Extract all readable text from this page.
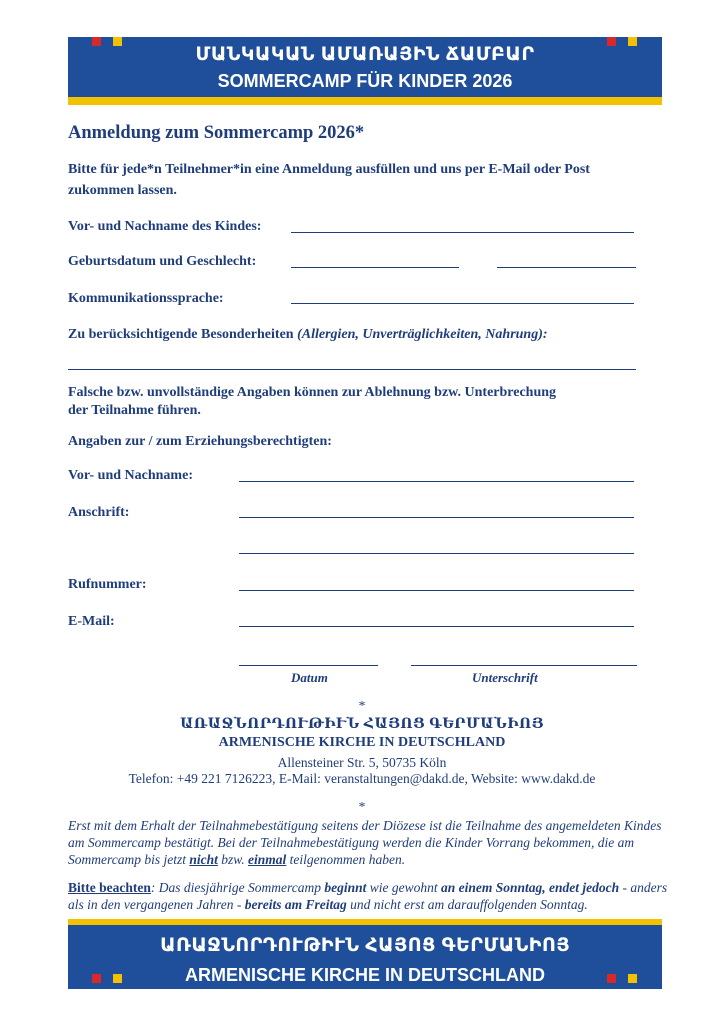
ՄԱՆԿԱԿԱՆ ԱՄԱՌԱՅԻՆ ՃԱՄԲԱՐ
SOMMERCAMP FÜR KINDER 2026
Anmeldung zum Sommercamp 2026*
Bitte für jede*n Teilnehmer*in eine Anmeldung ausfüllen und uns per E-Mail oder Post
zukommen lassen.
Vor- und Nachname des Kindes:
Geburtsdatum und Geschlecht:
Kommunikationssprache:
Zu berücksichtigende Besonderheiten (Allergien, Unverträglichkeiten, Nahrung):
Falsche bzw. unvollständige Angaben können zur Ablehnung bzw. Unterbrechung
der Teilnahme führen.
Angaben zur / zum Erziehungsberechtigten:
Vor- und Nachname:
Anschrift:
Rufnummer:
E-Mail:
Datum	Unterschrift
*
ԱՌԱՋՆՈՐԴՈՒԹԻՒՆ ՀԱՅՈՑ ԳԵՐՄԱՆԻՈՅ
ARMENISCHE KIRCHE IN DEUTSCHLAND
Allensteiner Str. 5, 50735 Köln
Telefon: +49 221 7126223, E-Mail: veranstaltungen@dakd.de, Website: www.dakd.de
*
Erst mit dem Erhalt der Teilnahmebestätigung seitens der Diözese ist die Teilnahme des angemeldeten Kindes am Sommercamp bestätigt. Bei der Teilnahmebestätigung werden die Kinder Vorrang bekommen, die am Sommercamp bis jetzt nicht bzw. einmal teilgenommen haben.
Bitte beachten: Das diesjährige Sommercamp beginnt wie gewohnt an einem Sonntag, endet jedoch - anders als in den vergangenen Jahren - bereits am Freitag und nicht erst am darauffolgenden Sonntag.
ԱՌԱՋՆՈՐԴՈՒԹԻՒՆ ՀԱՅՈՑ ԳԵՐՄԱՆԻՈՅ
ARMENISCHE KIRCHE IN DEUTSCHLAND
